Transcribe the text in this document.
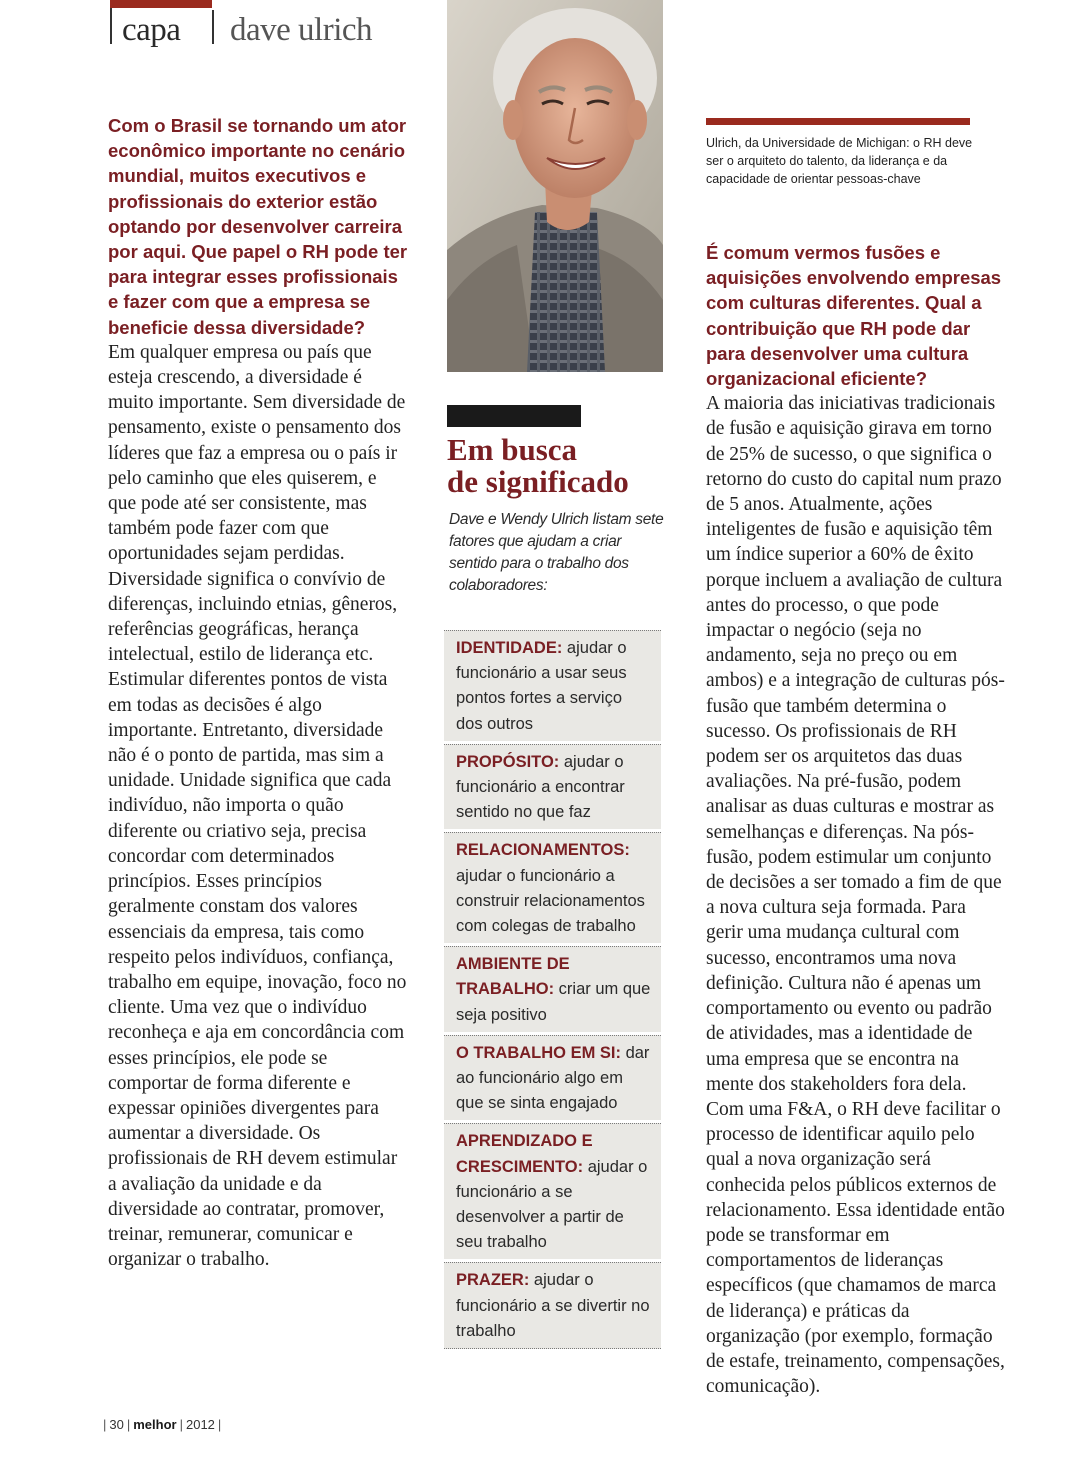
capa dave ulrich

Com o Brasil se tornando um ator econômico importante no cenário mundial, muitos executivos e profissionais do exterior estão optando por desenvolver carreira por aqui. Que papel o RH pode ter para integrar esses profissionais e fazer com que a empresa se beneficie dessa diversidade?

Em qualquer empresa ou país que esteja crescendo, a diversidade é muito importante. Sem diversidade de pensamento, existe o pensamento dos líderes que faz a empresa ou o país ir pelo caminho que eles quiserem, e que pode até ser consistente, mas também pode fazer com que oportunidades sejam perdidas. Diversidade significa o convívio de diferenças, incluindo etnias, gêneros, referências geográficas, herança intelectual, estilo de liderança etc. Estimular diferentes pontos de vista em todas as decisões é algo importante. Entretanto, diversidade não é o ponto de partida, mas sim a unidade. Unidade significa que cada indivíduo, não importa o quão diferente ou criativo seja, precisa concordar com determinados princípios. Esses princípios geralmente constam dos valores essenciais da empresa, tais como respeito pelos indivíduos, confiança, trabalho em equipe, inovação, foco no cliente. Uma vez que o indivíduo reconheça e aja em concordância com esses princípios, ele pode se comportar de forma diferente e expessar opiniões divergentes para aumentar a diversidade. Os profissionais de RH devem estimular a avaliação da unidade e da diversidade ao contratar, promover, treinar, remunerar, comunicar e organizar o trabalho.

Ulrich, da Universidade de Michigan: o RH deve ser o arquiteto do talento, da liderança e da capacidade de orientar pessoas-chave

Em busca
de significado

Dave e Wendy Ulrich listam sete fatores que ajudam a criar sentido para o trabalho dos colaboradores:

IDENTIDADE: ajudar o funcionário a usar seus pontos fortes a serviço dos outros
PROPÓSITO: ajudar o funcionário a encontrar sentido no que faz
RELACIONAMENTOS: ajudar o funcionário a construir relacionamentos com colegas de trabalho
AMBIENTE DE TRABALHO: criar um que seja positivo
O TRABALHO EM SI: dar ao funcionário algo em que se sinta engajado
APRENDIZADO E CRESCIMENTO: ajudar o funcionário a se desenvolver a partir de seu trabalho
PRAZER: ajudar o funcionário a se divertir no trabalho

É comum vermos fusões e aquisições envolvendo empresas com culturas diferentes. Qual a contribuição que RH pode dar para desenvolver uma cultura organizacional eficiente?

A maioria das iniciativas tradicionais de fusão e aquisição girava em torno de 25% de sucesso, o que significa o retorno do custo do capital num prazo de 5 anos. Atualmente, ações inteligentes de fusão e aquisição têm um índice superior a 60% de êxito porque incluem a avaliação de cultura antes do processo, o que pode impactar o negócio (seja no andamento, seja no preço ou em ambos) e a integração de culturas pós-fusão que também determina o sucesso. Os profissionais de RH podem ser os arquitetos das duas avaliações. Na pré-fusão, podem analisar as duas culturas e mostrar as semelhanças e diferenças. Na pós-fusão, podem estimular um conjunto de decisões a ser tomado a fim de que a nova cultura seja formada. Para gerir uma mudança cultural com sucesso, encontramos uma nova definição. Cultura não é apenas um comportamento ou evento ou padrão de atividades, mas a identidade de uma empresa que se encontra na mente dos stakeholders fora dela. Com uma F&A, o RH deve facilitar o processo de identificar aquilo pelo qual a nova organização será conhecida pelos públicos externos de relacionamento. Essa identidade então pode se transformar em comportamentos de lideranças específicos (que chamamos de marca de liderança) e práticas da organização (por exemplo, formação de estafe, treinamento, compensações, comunicação).

| 30 | melhor | 2012 |
